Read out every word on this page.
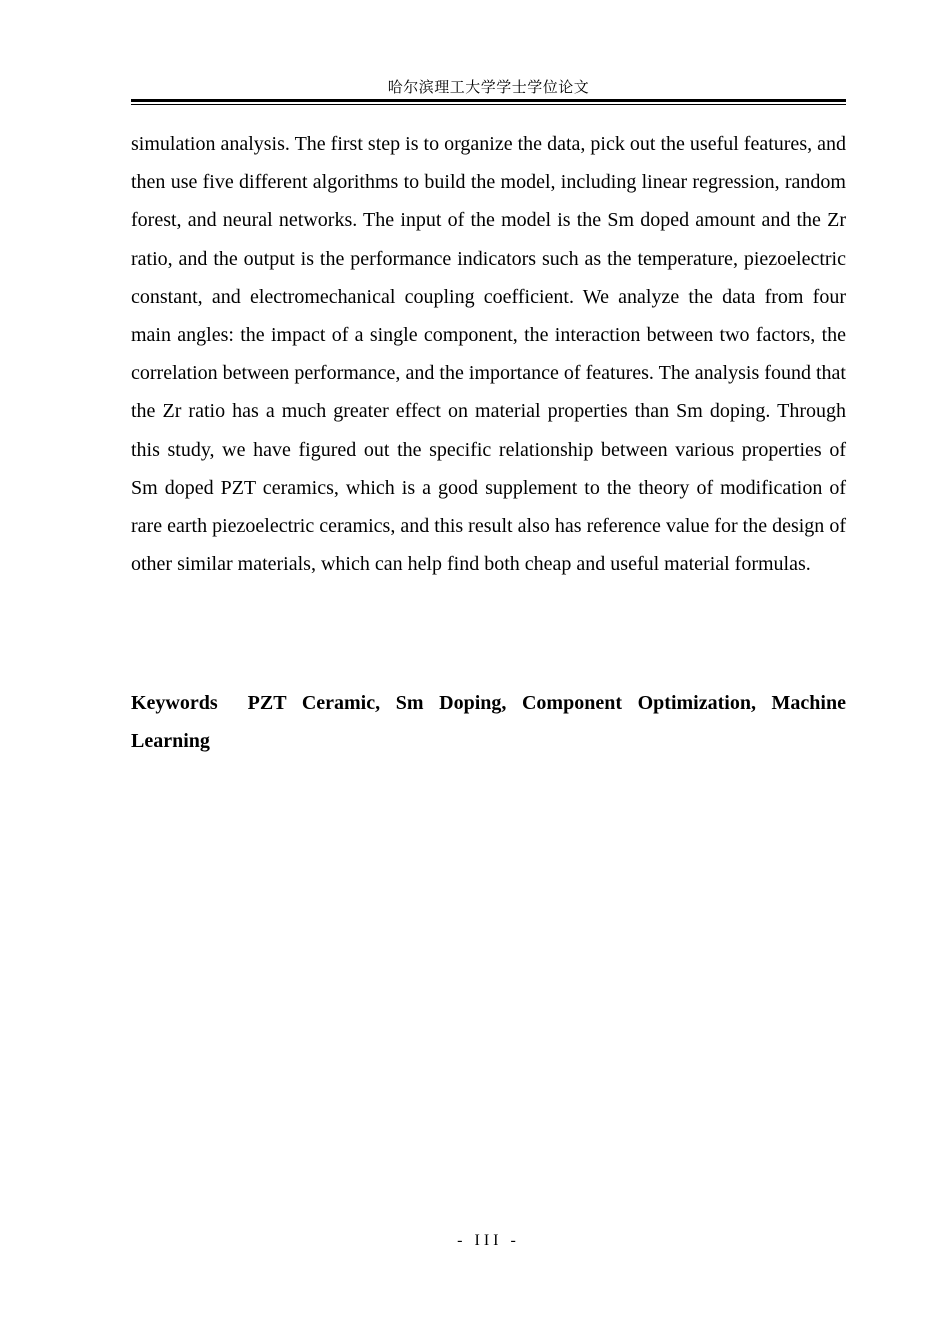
哈尔滨理工大学学士学位论文

simulation analysis. The first step is to organize the data, pick out the useful features, and then use five different algorithms to build the model, including linear regression, random forest, and neural networks. The input of the model is the Sm doped amount and the Zr ratio, and the output is the performance indicators such as the temperature, piezoelectric constant, and electromechanical coupling coefficient. We analyze the data from four main angles: the impact of a single component, the interaction between two factors, the correlation between performance, and the importance of features. The analysis found that the Zr ratio has a much greater effect on material properties than Sm doping. Through this study, we have figured out the specific relationship between various properties of Sm doped PZT ceramics, which is a good supplement to the theory of modification of rare earth piezoelectric ceramics, and this result also has reference value for the design of other similar materials, which can help find both cheap and useful material formulas.

Keywords PZT Ceramic, Sm Doping, Component Optimization, Machine Learning

- III -
